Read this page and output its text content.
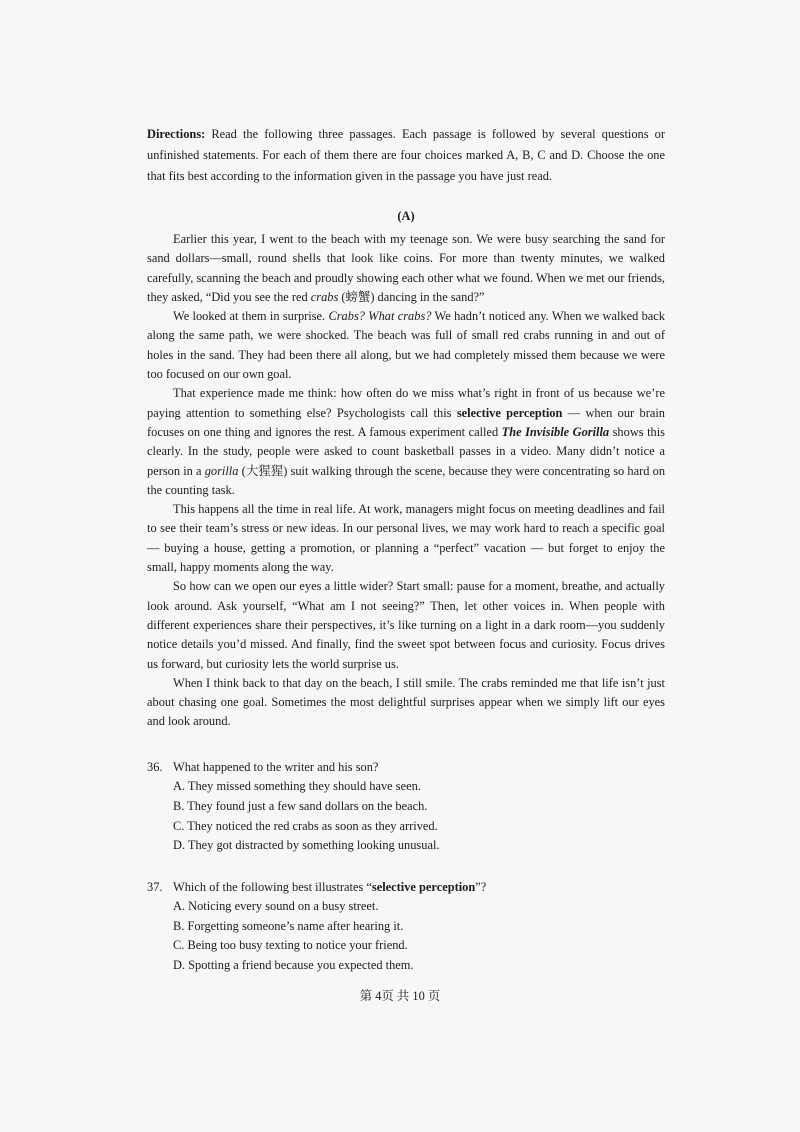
Directions: Read the following three passages. Each passage is followed by several questions or unfinished statements. For each of them there are four choices marked A, B, C and D. Choose the one that fits best according to the information given in the passage you have just read.
(A)

Earlier this year, I went to the beach with my teenage son. We were busy searching the sand for sand dollars—small, round shells that look like coins. For more than twenty minutes, we walked carefully, scanning the beach and proudly showing each other what we found. When we met our friends, they asked, “Did you see the red crabs (螃蟹) dancing in the sand?”

We looked at them in surprise. Crabs? What crabs? We hadn’t noticed any. When we walked back along the same path, we were shocked. The beach was full of small red crabs running in and out of holes in the sand. They had been there all along, but we had completely missed them because we were too focused on our own goal.

That experience made me think: how often do we miss what’s right in front of us because we’re paying attention to something else? Psychologists call this selective perception — when our brain focuses on one thing and ignores the rest. A famous experiment called The Invisible Gorilla shows this clearly. In the study, people were asked to count basketball passes in a video. Many didn’t notice a person in a gorilla (大猩猩) suit walking through the scene, because they were concentrating so hard on the counting task.

This happens all the time in real life. At work, managers might focus on meeting deadlines and fail to see their team’s stress or new ideas. In our personal lives, we may work hard to reach a specific goal — buying a house, getting a promotion, or planning a “perfect” vacation — but forget to enjoy the small, happy moments along the way.

So how can we open our eyes a little wider? Start small: pause for a moment, breathe, and actually look around. Ask yourself, “What am I not seeing?” Then, let other voices in. When people with different experiences share their perspectives, it’s like turning on a light in a dark room—you suddenly notice details you’d missed. And finally, find the sweet spot between focus and curiosity. Focus drives us forward, but curiosity lets the world surprise us.

When I think back to that day on the beach, I still smile. The crabs reminded me that life isn’t just about chasing one goal. Sometimes the most delightful surprises appear when we simply lift our eyes and look around.

36. What happened to the writer and his son?
A. They missed something they should have seen.
B. They found just a few sand dollars on the beach.
C. They noticed the red crabs as soon as they arrived.
D. They got distracted by something looking unusual.
37. Which of the following best illustrates “selective perception”?
A. Noticing every sound on a busy street.
B. Forgetting someone’s name after hearing it.
C. Being too busy texting to notice your friend.
D. Spotting a friend because you expected them.
第 4页 共 10 页
